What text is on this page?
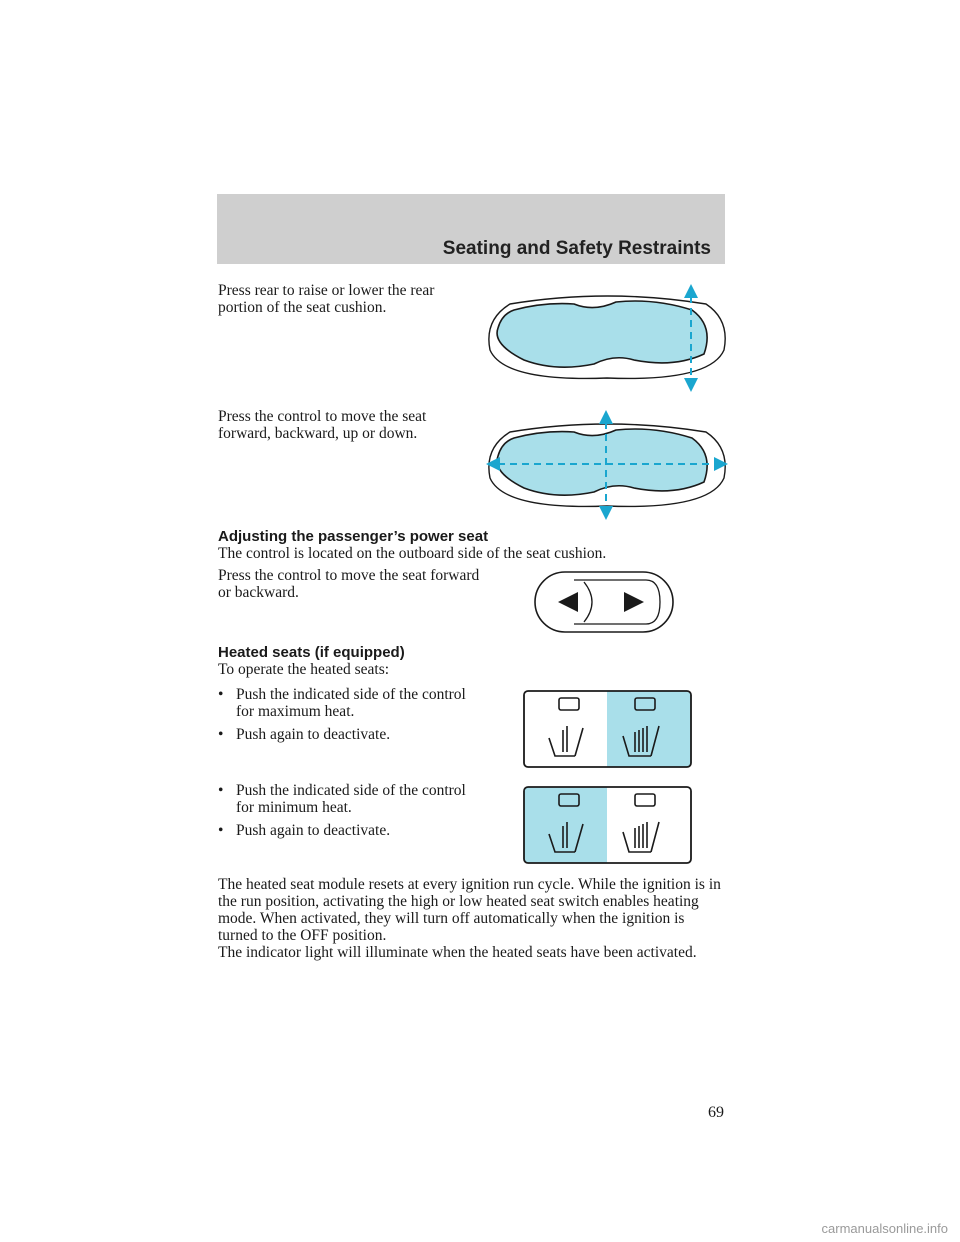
Seating and Safety Restraints
Press rear to raise or lower the rear portion of the seat cushion.
Press the control to move the seat forward, backward, up or down.
Adjusting the passenger’s power seat
The control is located on the outboard side of the seat cushion.
Press the control to move the seat forward or backward.
Heated seats (if equipped)
To operate the heated seats:
• Push the indicated side of the control for maximum heat.
• Push again to deactivate.
• Push the indicated side of the control for minimum heat.
• Push again to deactivate.
The heated seat module resets at every ignition run cycle. While the ignition is in the run position, activating the high or low heated seat switch enables heating mode. When activated, they will turn off automatically when the ignition is turned to the OFF position.
The indicator light will illuminate when the heated seats have been activated.
69
carmanualsonline.info
